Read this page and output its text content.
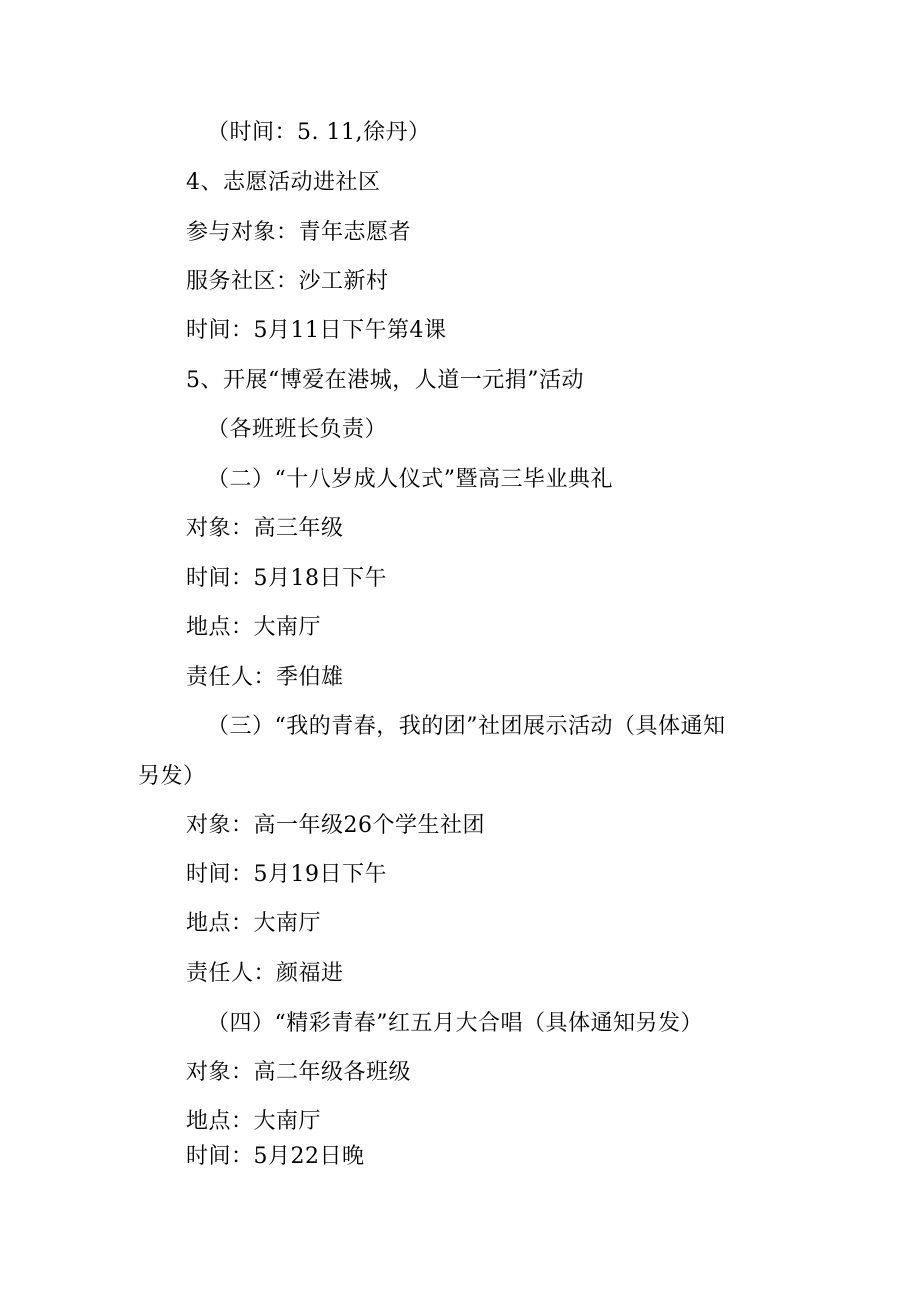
（时间：5. 11,徐丹）
4、志愿活动进社区
参与对象：青年志愿者
服务社区：沙工新村
时间：5月11日下午第4课
5、开展“博爱在港城，人道一元捐”活动
（各班班长负责）
（二）“十八岁成人仪式”暨高三毕业典礼
对象：高三年级
时间：5月18日下午
地点：大南厅
责任人：季伯雄
（三）“我的青春，我的团”社团展示活动（具体通知
另发）
对象：高一年级26个学生社团
时间：5月19日下午
地点：大南厅
责任人：颜福进
（四）“精彩青春”红五月大合唱（具体通知另发）
对象：高二年级各班级
地点：大南厅
时间：5月22日晚
